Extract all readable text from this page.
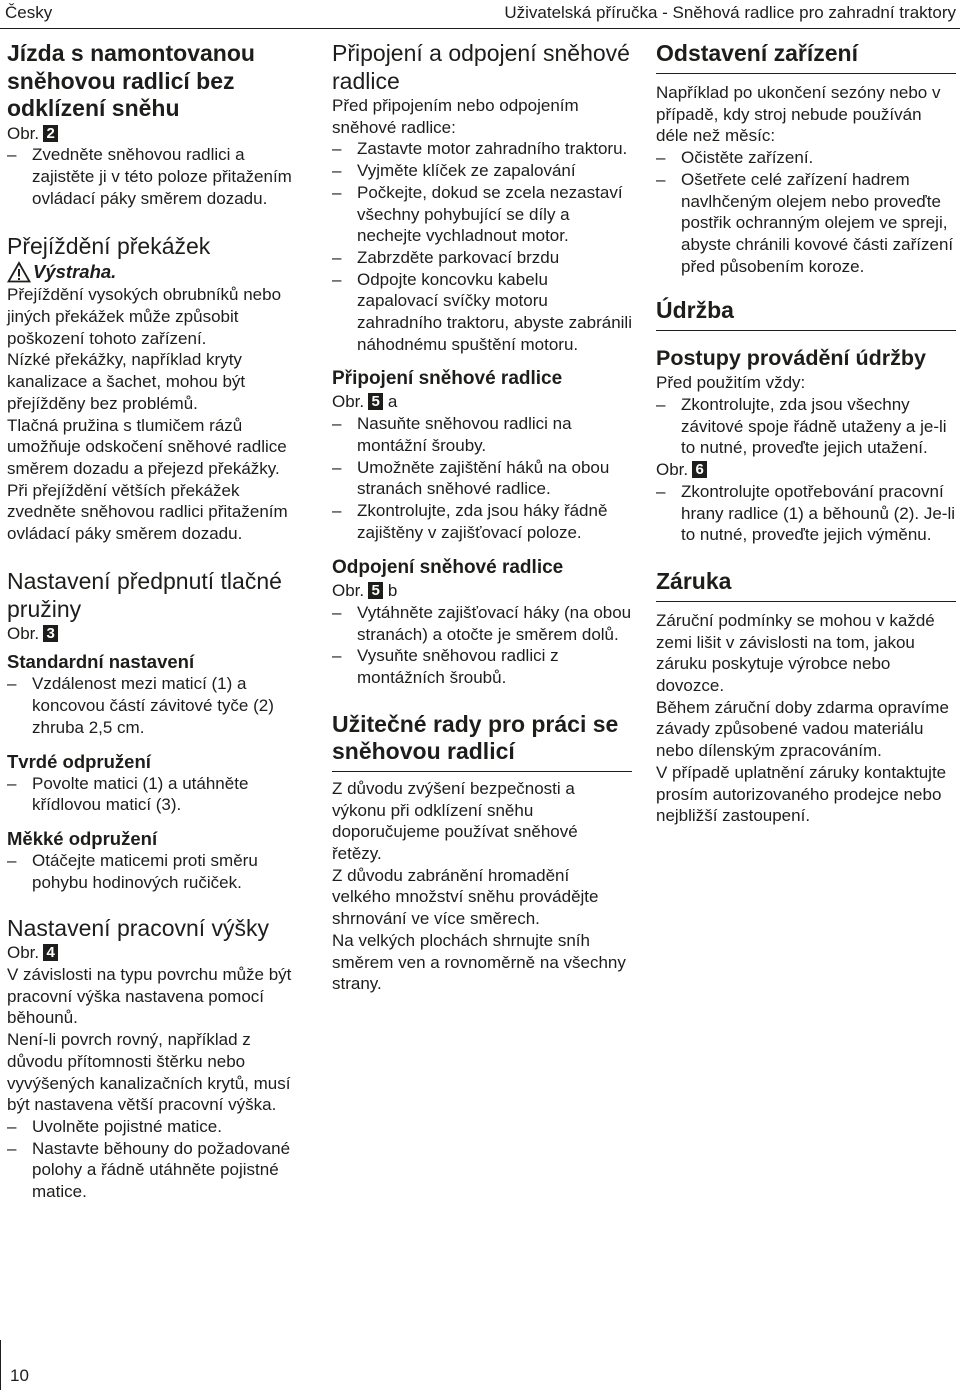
Česky	Uživatelská příručka - Sněhová radlice pro zahradní traktory
Jízda s namontovanou sněhovou radlicí bez odklízení sněhu
Obr. 2
– Zvedněte sněhovou radlici a zajistěte ji v této poloze přitažením ovládací páky směrem dozadu.
Přejíždění překážek
Výstraha.
Přejíždění vysokých obrubníků nebo jiných překážek může způsobit poškození tohoto zařízení.
Nízké překážky, například kryty kanalizace a šachet, mohou být přejížděny bez problémů.
Tlačná pružina s tlumičem rázů umožňuje odskočení sněhové radlice směrem dozadu a přejezd překážky.
Při přejíždění větších překážek zvedněte sněhovou radlici přitažením ovládací páky směrem dozadu.
Nastavení předpnutí tlačné pružiny
Obr. 3
Standardní nastavení
– Vzdálenost mezi maticí (1) a koncovou částí závitové tyče (2) zhruba 2,5 cm.
Tvrdé odpružení
– Povolte matici (1) a utáhněte křídlovou maticí (3).
Měkké odpružení
– Otáčejte maticemi proti směru pohybu hodinových ručiček.
Nastavení pracovní výšky
Obr. 4
V závislosti na typu povrchu může být pracovní výška nastavena pomocí běhounů.
Není-li povrch rovný, například z důvodu přítomnosti štěrku nebo vyvýšených kanalizačních krytů, musí být nastavena větší pracovní výška.
– Uvolněte pojistné matice.
– Nastavte běhouny do požadované polohy a řádně utáhněte pojistné matice.
Připojení a odpojení sněhové radlice
Před připojením nebo odpojením sněhové radlice:
– Zastavte motor zahradního traktoru.
– Vyjměte klíček ze zapalování
– Počkejte, dokud se zcela nezastaví všechny pohybující se díly a nechejte vychladnout motor.
– Zabrzděte parkovací brzdu
– Odpojte koncovku kabelu zapalovací svíčky motoru zahradního traktoru, abyste zabránili náhodnému spuštění motoru.
Připojení sněhové radlice
Obr. 5 a
– Nasuňte sněhovou radlici na montážní šrouby.
– Umožněte zajištění háků na obou stranách sněhové radlice.
– Zkontrolujte, zda jsou háky řádně zajištěny v zajišťovací poloze.
Odpojení sněhové radlice
Obr. 5 b
– Vytáhněte zajišťovací háky (na obou stranách) a otočte je směrem dolů.
– Vysuňte sněhovou radlici z montážních šroubů.
Užitečné rady pro práci se sněhovou radlicí
Z důvodu zvýšení bezpečnosti a výkonu při odklízení sněhu doporučujeme používat sněhové řetězy.
Z důvodu zabránění hromadění velkého množství sněhu provádějte shrnování ve více směrech.
Na velkých plochách shrnujte sníh směrem ven a rovnoměrně na všechny strany.
Odstavení zařízení
Například po ukončení sezóny nebo v případě, kdy stroj nebude používán déle než měsíc:
– Očistěte zařízení.
– Ošetřete celé zařízení hadrem navlhčeným olejem nebo proveďte postřik ochranným olejem ve spreji, abyste chránili kovové části zařízení před působením koroze.
Údržba
Postupy provádění údržby
Před použitím vždy:
– Zkontrolujte, zda jsou všechny závitové spoje řádně utaženy a je-li to nutné, proveďte jejich utažení.
Obr. 6
– Zkontrolujte opotřebování pracovní hrany radlice (1) a běhounů (2). Je-li to nutné, proveďte jejich výměnu.
Záruka
Záruční podmínky se mohou v každé zemi lišit v závislosti na tom, jakou záruku poskytuje výrobce nebo dovozce.
Během záruční doby zdarma opravíme závady způsobené vadou materiálu nebo dílenským zpracováním.
V případě uplatnění záruky kontaktujte prosím autorizovaného prodejce nebo nejbližší zastoupení.
10
